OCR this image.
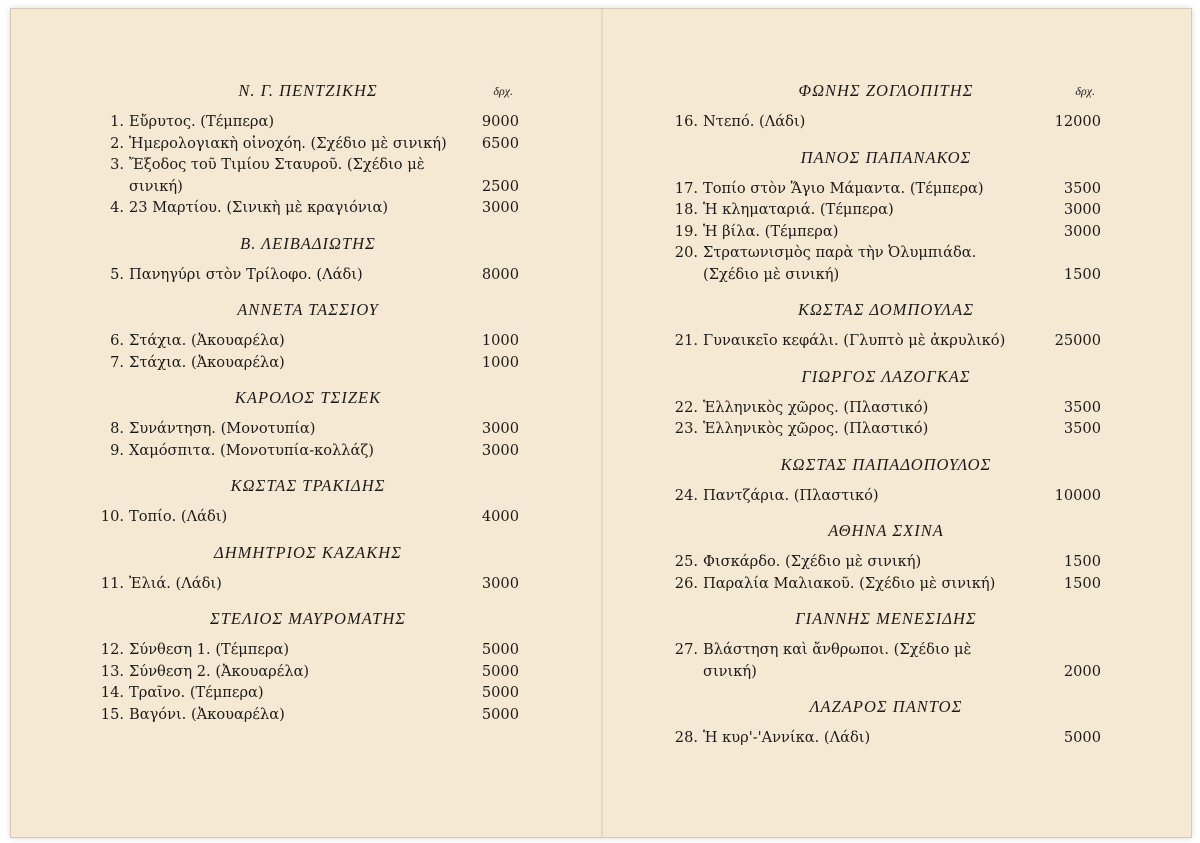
Ν. Γ. ΠΕΝΤΖΙΚΗΣ	δρχ.
1. Εὔρυτος. (Τέμπερα)	9000
2. Ἡμερολογιακὴ οἰνοχόη. (Σχέδιο μὲ σινική)	6500
3. Ἔξοδος τοῦ Τιμίου Σταυροῦ. (Σχέδιο μὲ σινική)	2500
4. 23 Μαρτίου. (Σινικὴ μὲ κραγιόνια)	3000
Β. ΛΕΙΒΑΔΙΩΤΗΣ
5. Πανηγύρι στὸν Τρίλοφο. (Λάδι)	8000
ΑΝΝΕΤΑ ΤΑΣΣΙΟΥ
6. Στάχια. (Ἀκουαρέλα)	1000
7. Στάχια. (Ἀκουαρέλα)	1000
ΚΑΡΟΛΟΣ ΤΣΙΖΕΚ
8. Συνάντηση. (Μονοτυπία)	3000
9. Χαμόσπιτα. (Μονοτυπία-κολλάζ)	3000
ΚΩΣΤΑΣ ΤΡΑΚΙΔΗΣ
10. Τοπίο. (Λάδι)	4000
ΔΗΜΗΤΡΙΟΣ ΚΑΖΑΚΗΣ
11. Ἐλιά. (Λάδι)	3000
ΣΤΕΛΙΟΣ ΜΑΥΡΟΜΑΤΗΣ
12. Σύνθεση 1. (Τέμπερα)	5000
13. Σύνθεση 2. (Ἀκουαρέλα)	5000
14. Τραῖνο. (Τέμπερα)	5000
15. Βαγόνι. (Ἀκουαρέλα)	5000
ΦΩΝΗΣ ΖΟΓΛΟΠΙΤΗΣ	δρχ.
16. Ντεπό. (Λάδι)	12000
ΠΑΝΟΣ ΠΑΠΑΝΑΚΟΣ
17. Τοπίο στὸν Ἅγιο Μάμαντα. (Τέμπερα)	3500
18. Ἡ κληματαριά. (Τέμπερα)	3000
19. Ἡ βίλα. (Τέμπερα)	3000
20. Στρατωνισμὸς παρὰ τὴν Ὀλυμπιάδα. (Σχέδιο μὲ σινική)	1500
ΚΩΣΤΑΣ ΔΟΜΠΟΥΛΑΣ
21. Γυναικεῖο κεφάλι. (Γλυπτὸ μὲ ἀκρυλικό)	25000
ΓΙΩΡΓΟΣ ΛΑΖΟΓΚΑΣ
22. Ἑλληνικὸς χῶρος. (Πλαστικό)	3500
23. Ἑλληνικὸς χῶρος. (Πλαστικό)	3500
ΚΩΣΤΑΣ ΠΑΠΑΔΟΠΟΥΛΟΣ
24. Παντζάρια. (Πλαστικό)	10000
ΑΘΗΝΑ ΣΧΙΝΑ
25. Φισκάρδο. (Σχέδιο μὲ σινική)	1500
26. Παραλία Μαλιακοῦ. (Σχέδιο μὲ σινική)	1500
ΓΙΑΝΝΗΣ ΜΕΝΕΣΙΔΗΣ
27. Βλάστηση καὶ ἄνθρωποι. (Σχέδιο μὲ σινική)	2000
ΛΑΖΑΡΟΣ ΠΑΝΤΟΣ
28. Ἡ κυρ'-'Αννίκα. (Λάδι)	5000
